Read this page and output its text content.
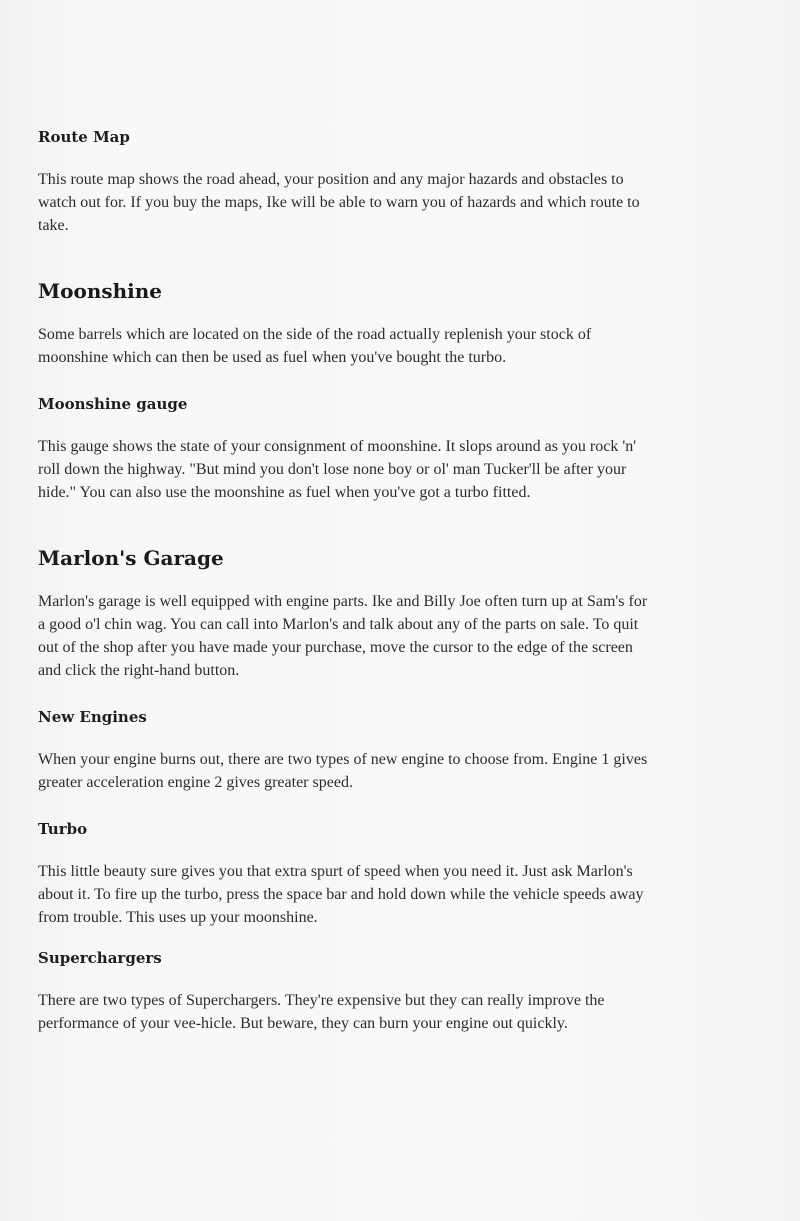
Route Map

This route map shows the road ahead, your position and any major hazards and obstacles to watch out for. If you buy the maps, Ike will be able to warn you of hazards and which route to take.

Moonshine

Some barrels which are located on the side of the road actually replenish your stock of moonshine which can then be used as fuel when you've bought the turbo.

Moonshine gauge

This gauge shows the state of your consignment of moonshine. It slops around as you rock 'n' roll down the highway. "But mind you don't lose none boy or ol' man Tucker'll be after your hide." You can also use the moonshine as fuel when you've got a turbo fitted.

Marlon's Garage

Marlon's garage is well equipped with engine parts. Ike and Billy Joe often turn up at Sam's for a good o'l chin wag. You can call into Marlon's and talk about any of the parts on sale. To quit out of the shop after you have made your purchase, move the cursor to the edge of the screen and click the right-hand button.

New Engines

When your engine burns out, there are two types of new engine to choose from. Engine 1 gives greater acceleration engine 2 gives greater speed.

Turbo

This little beauty sure gives you that extra spurt of speed when you need it. Just ask Marlon's about it. To fire up the turbo, press the space bar and hold down while the vehicle speeds away from trouble. This uses up your moonshine.

Superchargers

There are two types of Superchargers. They're expensive but they can really improve the performance of your vee-hicle. But beware, they can burn your engine out quickly.
